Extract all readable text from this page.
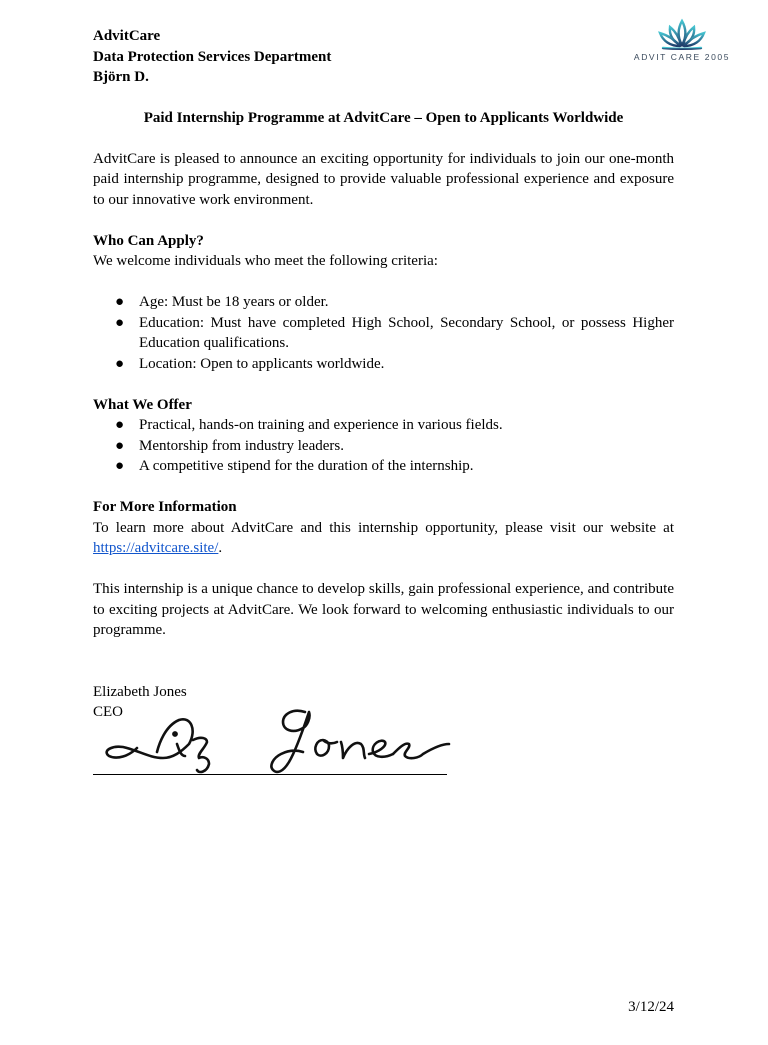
ADVIT CARE 2005
AdvitCare
Data Protection Services Department
Björn D.
Paid Internship Programme at AdvitCare – Open to Applicants Worldwide

AdvitCare is pleased to announce an exciting opportunity for individuals to join our one-month paid internship programme, designed to provide valuable professional experience and exposure to our innovative work environment.

Who Can Apply?

We welcome individuals who meet the following criteria:

● Age: Must be 18 years or older.
● Education: Must have completed High School, Secondary School, or possess Higher Education qualifications.
● Location: Open to applicants worldwide.
What We Offer
● Practical, hands-on training and experience in various fields.
● Mentorship from industry leaders.
● A competitive stipend for the duration of the internship.
For More Information

To learn more about AdvitCare and this internship opportunity, please visit our website at https://advitcare.site/.

This internship is a unique chance to develop skills, gain professional experience, and contribute to exciting projects at AdvitCare. We look forward to welcoming enthusiastic individuals to our programme.

Elizabeth Jones
CEO
3/12/24
